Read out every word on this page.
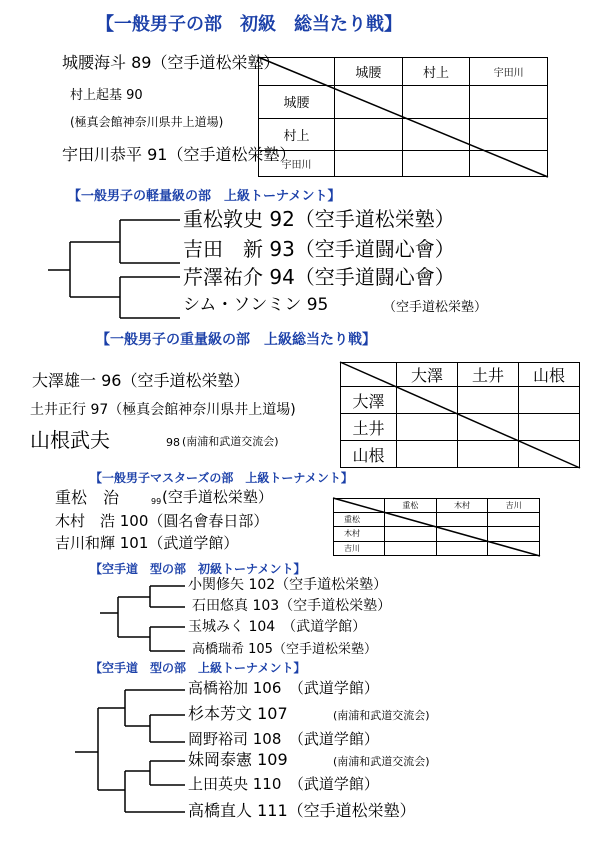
【一般男子の部　初級　総当たり戦】
城腰海斗 89（空手道松栄塾）
村上起基 90
(極真会館神奈川県井上道場)
宇田川恭平 91（空手道松栄塾）
	城腰	村上	宇田川
城腰			
村上			
宇田川			
【一般男子の軽量級の部　上級トーナメント】
重松敦史 92（空手道松栄塾）
吉田　新 93（空手道闘心會）
芹澤祐介 94（空手道闘心會）
シム・ソンミン 95	（空手道松栄塾）
【一般男子の重量級の部　上級総当たり戦】
大澤雄一 96（空手道松栄塾）
土井正行 97（極真会館神奈川県井上道場)
山根武夫	98 (南浦和武道交流会)
	大澤	土井	山根
大澤			
土井			
山根			
【一般男子マスターズの部　上級トーナメント】
重松　治	99 (空手道松栄塾）
木村　浩 100（圓名會春日部）
吉川和輝 101（武道学館）
	重松	木村	吉川
重松			
木村			
吉川			
【空手道　型の部　初級トーナメント】
小関修矢 102（空手道松栄塾）
石田悠真 103（空手道松栄塾）
玉城みく 104　（武道学館）
高橋瑞希 105（空手道松栄塾）
【空手道　型の部　上級トーナメント】
高橋裕加 106　（武道学館）
杉本芳文 107	(南浦和武道交流会)
岡野裕司 108　（武道学館）
妹岡泰憲 109	(南浦和武道交流会)
上田英央 110　（武道学館）
高橋直人 111（空手道松栄塾）
